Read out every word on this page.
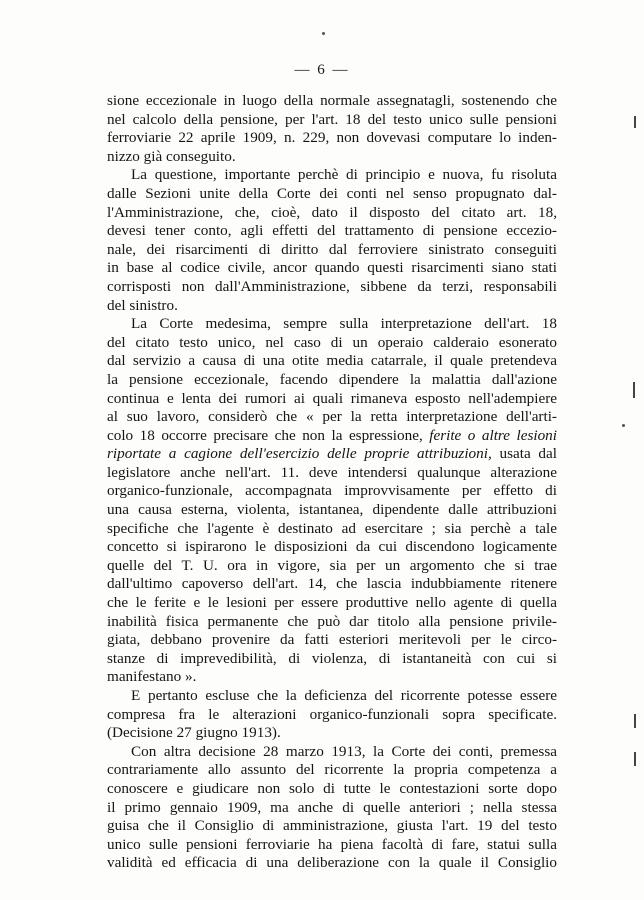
— 6 —
sione eccezionale in luogo della normale assegnatagli, sostenendo che
nel calcolo della pensione, per l'art. 18 del testo unico sulle pensioni
ferroviarie 22 aprile 1909, n. 229, non dovevasi computare lo inden-
nizzo già conseguito.
La questione, importante perchè di principio e nuova, fu risoluta
dalle Sezioni unite della Corte dei conti nel senso propugnato dal-
l'Amministrazione, che, cioè, dato il disposto del citato art. 18,
devesi tener conto, agli effetti del trattamento di pensione eccezio-
nale, dei risarcimenti di diritto dal ferroviere sinistrato conseguiti
in base al codice civile, ancor quando questi risarcimenti siano stati
corrisposti non dall'Amministrazione, sibbene da terzi, responsabili
del sinistro.
La Corte medesima, sempre sulla interpretazione dell'art. 18
del citato testo unico, nel caso di un operaio calderaio esonerato
dal servizio a causa di una otite media catarrale, il quale pretendeva
la pensione eccezionale, facendo dipendere la malattia dall'azione
continua e lenta dei rumori ai quali rimaneva esposto nell'adempiere
al suo lavoro, considerò che « per la retta interpretazione dell'arti-
colo 18 occorre precisare che non la espressione, ferite o altre lesioni
riportate a cagione dell'esercizio delle proprie attribuzioni, usata dal
legislatore anche nell'art. 11. deve intendersi qualunque alterazione
organico-funzionale, accompagnata improvvisamente per effetto di
una causa esterna, violenta, istantanea, dipendente dalle attribuzioni
specifiche che l'agente è destinato ad esercitare ; sia perchè a tale
concetto si ispirarono le disposizioni da cui discendono logicamente
quelle del T. U. ora in vigore, sia per un argomento che si trae
dall'ultimo capoverso dell'art. 14, che lascia indubbiamente ritenere
che le ferite e le lesioni per essere produttive nello agente di quella
inabilità fisica permanente che può dar titolo alla pensione privile-
giata, debbano provenire da fatti esteriori meritevoli per le circo-
stanze di imprevedibilità, di violenza, di istantaneità con cui si
manifestano ».
E pertanto escluse che la deficienza del ricorrente potesse essere
compresa fra le alterazioni organico-funzionali sopra specificate.
(Decisione 27 giugno 1913).
Con altra decisione 28 marzo 1913, la Corte dei conti, premessa
contrariamente allo assunto del ricorrente la propria competenza a
conoscere e giudicare non solo di tutte le contestazioni sorte dopo
il primo gennaio 1909, ma anche di quelle anteriori ; nella stessa
guisa che il Consiglio di amministrazione, giusta l'art. 19 del testo
unico sulle pensioni ferroviarie ha piena facoltà di fare, statui sulla
validità ed efficacia di una deliberazione con la quale il Consiglio
